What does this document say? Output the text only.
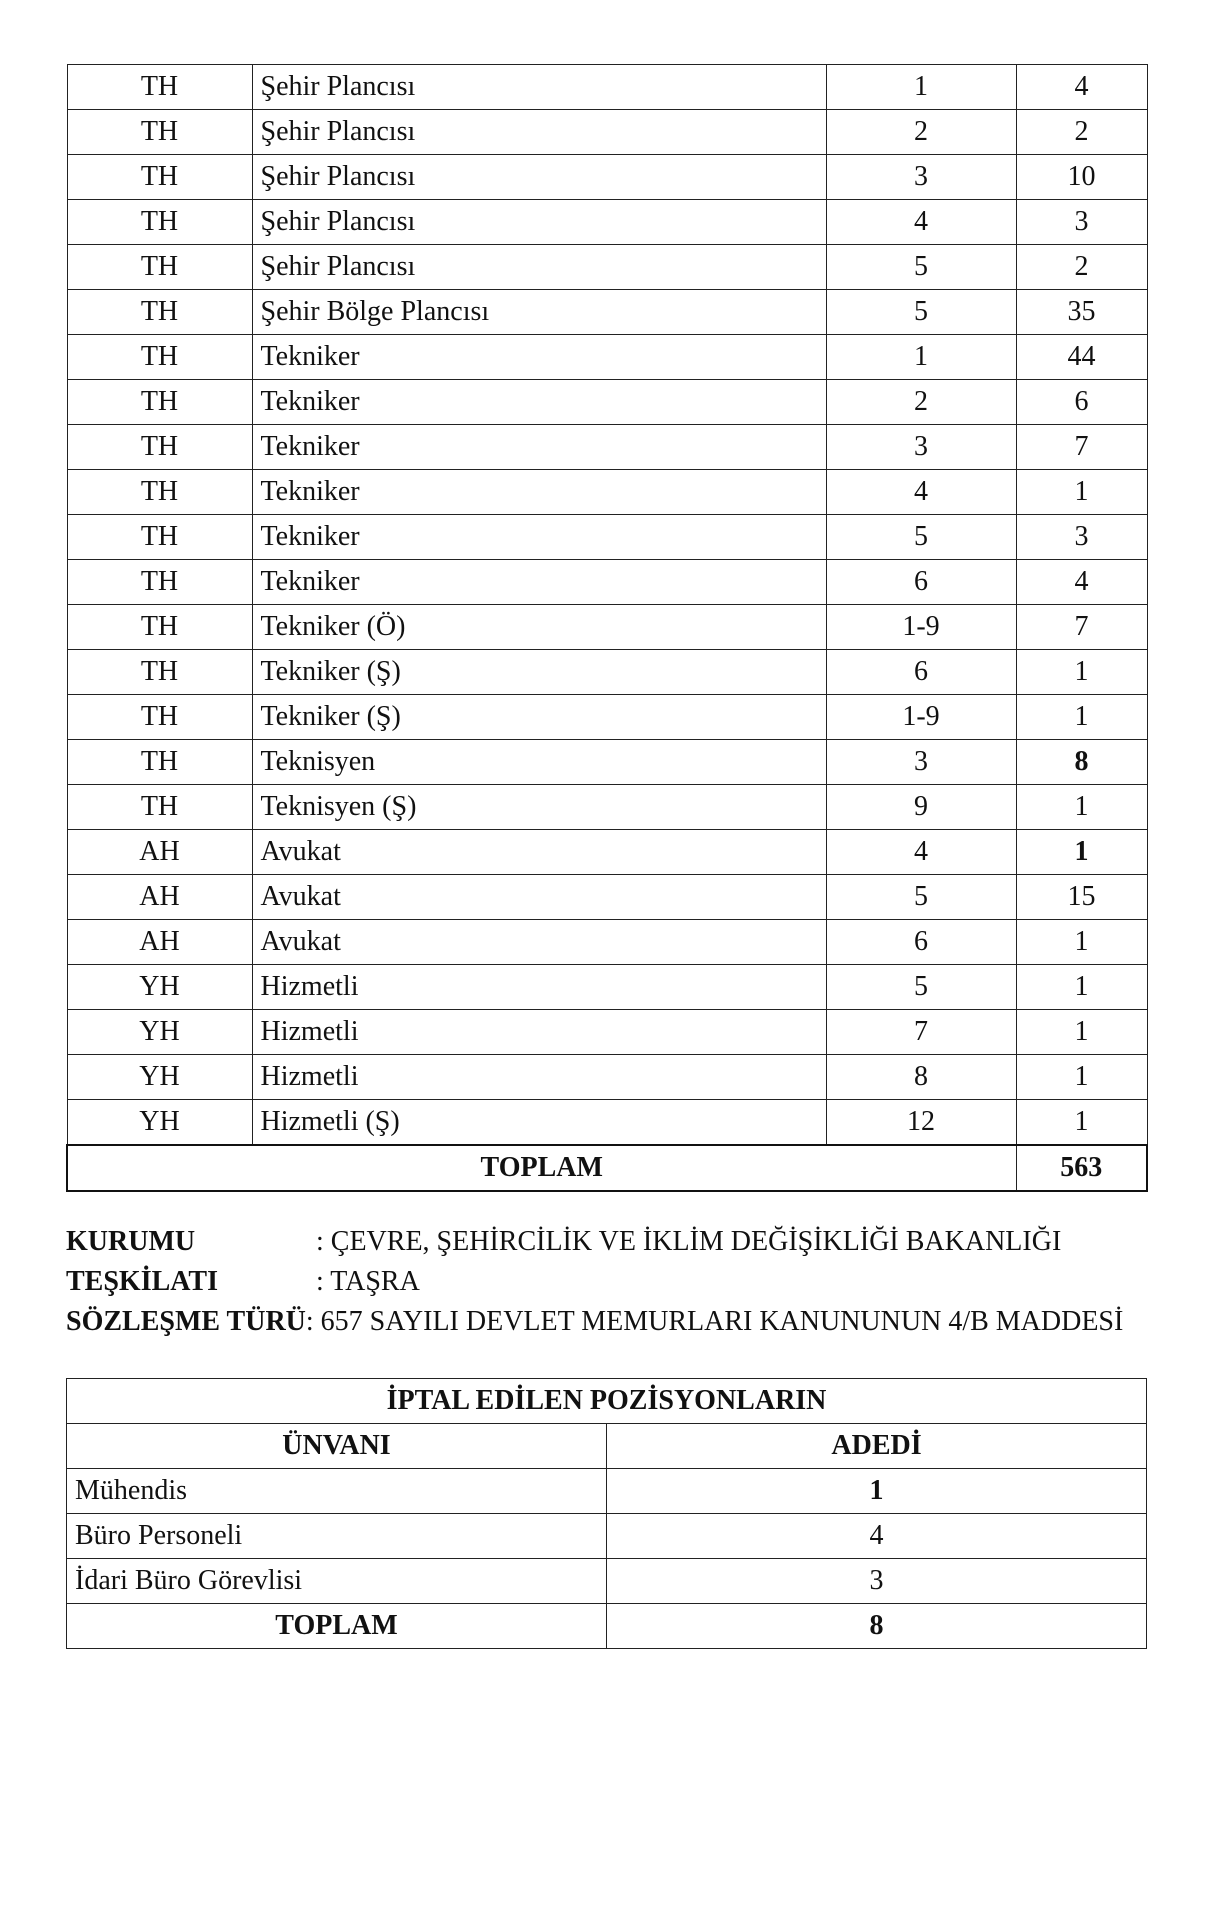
TH	Şehir Plancısı	1	4
TH	Şehir Plancısı	2	2
TH	Şehir Plancısı	3	10
TH	Şehir Plancısı	4	3
TH	Şehir Plancısı	5	2
TH	Şehir Bölge Plancısı	5	35
TH	Tekniker	1	44
TH	Tekniker	2	6
TH	Tekniker	3	7
TH	Tekniker	4	1
TH	Tekniker	5	3
TH	Tekniker	6	4
TH	Tekniker (Ö)	1-9	7
TH	Tekniker (Ş)	6	1
TH	Tekniker (Ş)	1-9	1
TH	Teknisyen	3	8
TH	Teknisyen (Ş)	9	1
AH	Avukat	4	1
AH	Avukat	5	15
AH	Avukat	6	1
YH	Hizmetli	5	1
YH	Hizmetli	7	1
YH	Hizmetli	8	1
YH	Hizmetli (Ş)	12	1
TOPLAM			563
KURUMU	: ÇEVRE, ŞEHİRCİLİK VE İKLİM DEĞİŞİKLİĞİ BAKANLIĞI
TEŞKİLATI	: TAŞRA
SÖZLEŞME TÜRÜ: 657 SAYILI DEVLET MEMURLARI KANUNUNUN 4/B MADDESİ
İPTAL EDİLEN POZİSYONLARIN	
ÜNVANI	ADEDİ
Mühendis	1
Büro Personeli	4
İdari Büro Görevlisi	3
TOPLAM	8
